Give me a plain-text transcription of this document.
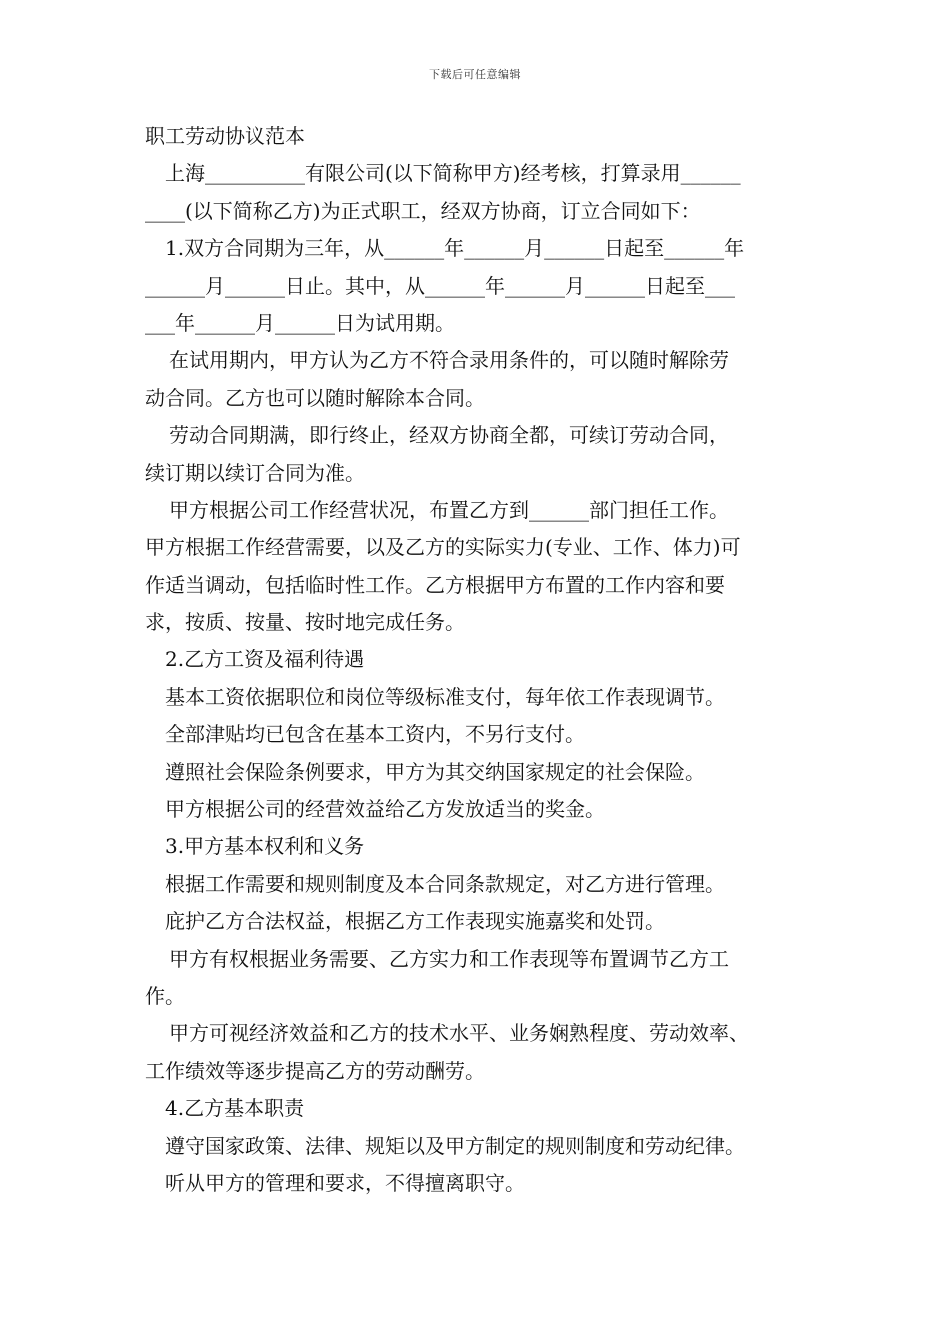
下载后可任意编辑
职工劳动协议范本
上海__________有限公司(以下简称甲方)经考核，打算录用______
____(以下简称乙方)为正式职工，经双方协商，订立合同如下：
1.双方合同期为三年，从______年______月______日起至______年
______月______日止。其中，从______年______月______日起至___
___年______月______日为试用期。
在试用期内，甲方认为乙方不符合录用条件的，可以随时解除劳
动合同。乙方也可以随时解除本合同。
劳动合同期满，即行终止，经双方协商全都，可续订劳动合同，
续订期以续订合同为准。
甲方根据公司工作经营状况，布置乙方到______部门担任工作。
甲方根据工作经营需要，以及乙方的实际实力(专业、工作、体力)可
作适当调动，包括临时性工作。乙方根据甲方布置的工作内容和要
求，按质、按量、按时地完成任务。
2.乙方工资及福利待遇
基本工资依据职位和岗位等级标准支付，每年依工作表现调节。
全部津贴均已包含在基本工资内，不另行支付。
遵照社会保险条例要求，甲方为其交纳国家规定的社会保险。
甲方根据公司的经营效益给乙方发放适当的奖金。
3.甲方基本权利和义务
根据工作需要和规则制度及本合同条款规定，对乙方进行管理。
庇护乙方合法权益，根据乙方工作表现实施嘉奖和处罚。
甲方有权根据业务需要、乙方实力和工作表现等布置调节乙方工
作。
甲方可视经济效益和乙方的技术水平、业务娴熟程度、劳动效率、
工作绩效等逐步提高乙方的劳动酬劳。
4.乙方基本职责
遵守国家政策、法律、规矩以及甲方制定的规则制度和劳动纪律。
听从甲方的管理和要求，不得擅离职守。
